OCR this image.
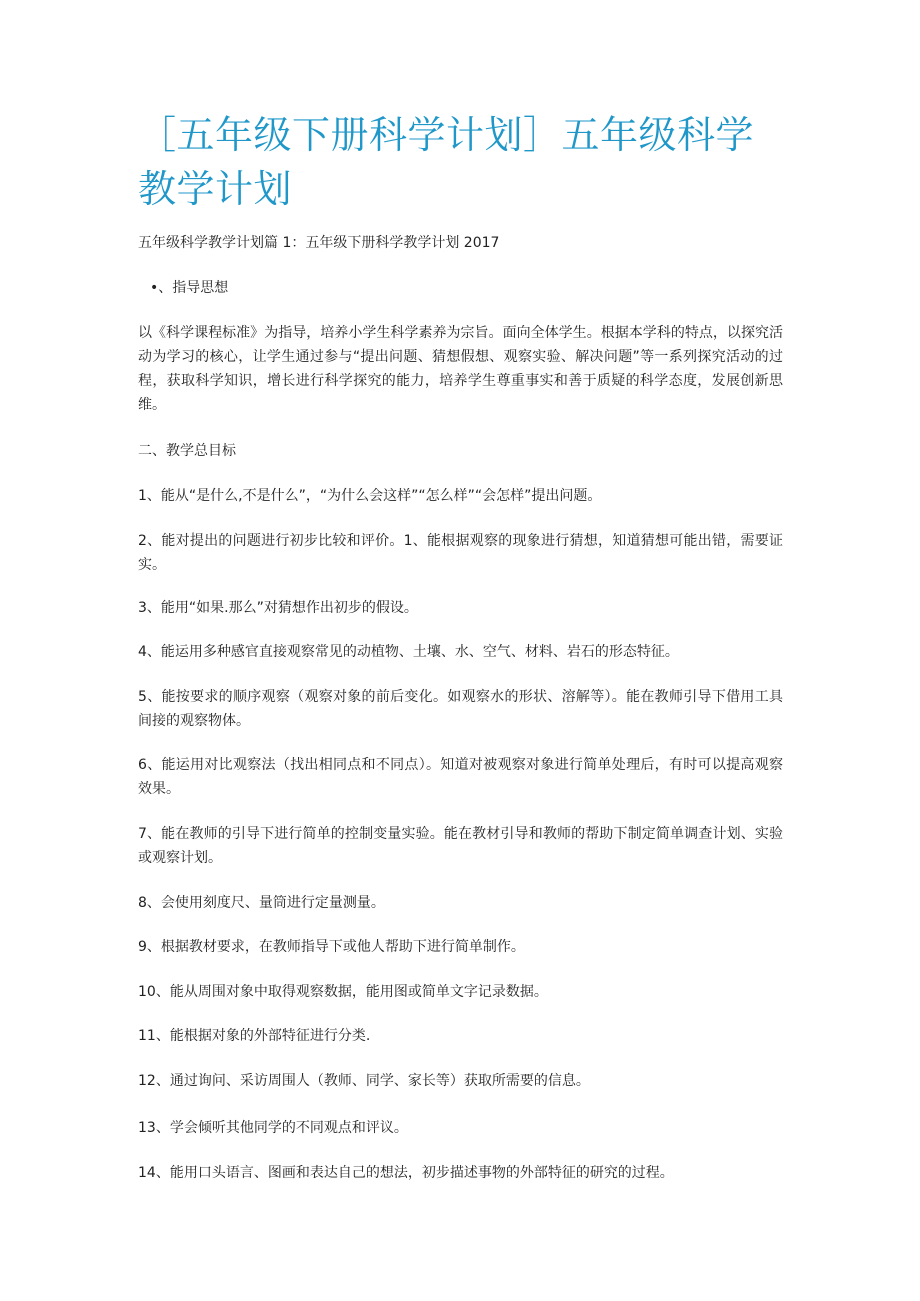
［五年级下册科学计划］五年级科学教学计划

五年级科学教学计划篇 1：五年级下册科学教学计划 2017

•、指导思想

以《科学课程标准》为指导，培养小学生科学素养为宗旨。面向全体学生。根据本学科的特点，以探究活动为学习的核心，让学生通过参与“提出问题、猜想假想、观察实验、解决问题”等一系列探究活动的过程，获取科学知识，增长进行科学探究的能力，培养学生尊重事实和善于质疑的科学态度，发展创新思维。

二、教学总目标

1、能从“是什么,不是什么”，“为什么会这样”“怎么样”“会怎样”提出问题。

2、能对提出的问题进行初步比较和评价。1、能根据观察的现象进行猜想，知道猜想可能出错，需要证实。

3、能用“如果.那么”对猜想作出初步的假设。

4、能运用多种感官直接观察常见的动植物、土壤、水、空气、材料、岩石的形态特征。

5、能按要求的顺序观察（观察对象的前后变化。如观察水的形状、溶解等）。能在教师引导下借用工具间接的观察物体。

6、能运用对比观察法（找出相同点和不同点）。知道对被观察对象进行简单处理后，有时可以提高观察效果。

7、能在教师的引导下进行简单的控制变量实验。能在教材引导和教师的帮助下制定简单调查计划、实验或观察计划。

8、会使用刻度尺、量筒进行定量测量。

9、根据教材要求，在教师指导下或他人帮助下进行简单制作。

10、能从周围对象中取得观察数据，能用图或简单文字记录数据。

11、能根据对象的外部特征进行分类.

12、通过询问、采访周围人（教师、同学、家长等）获取所需要的信息。

13、学会倾听其他同学的不同观点和评议。

14、能用口头语言、图画和表达自己的想法，初步描述事物的外部特征的研究的过程。
